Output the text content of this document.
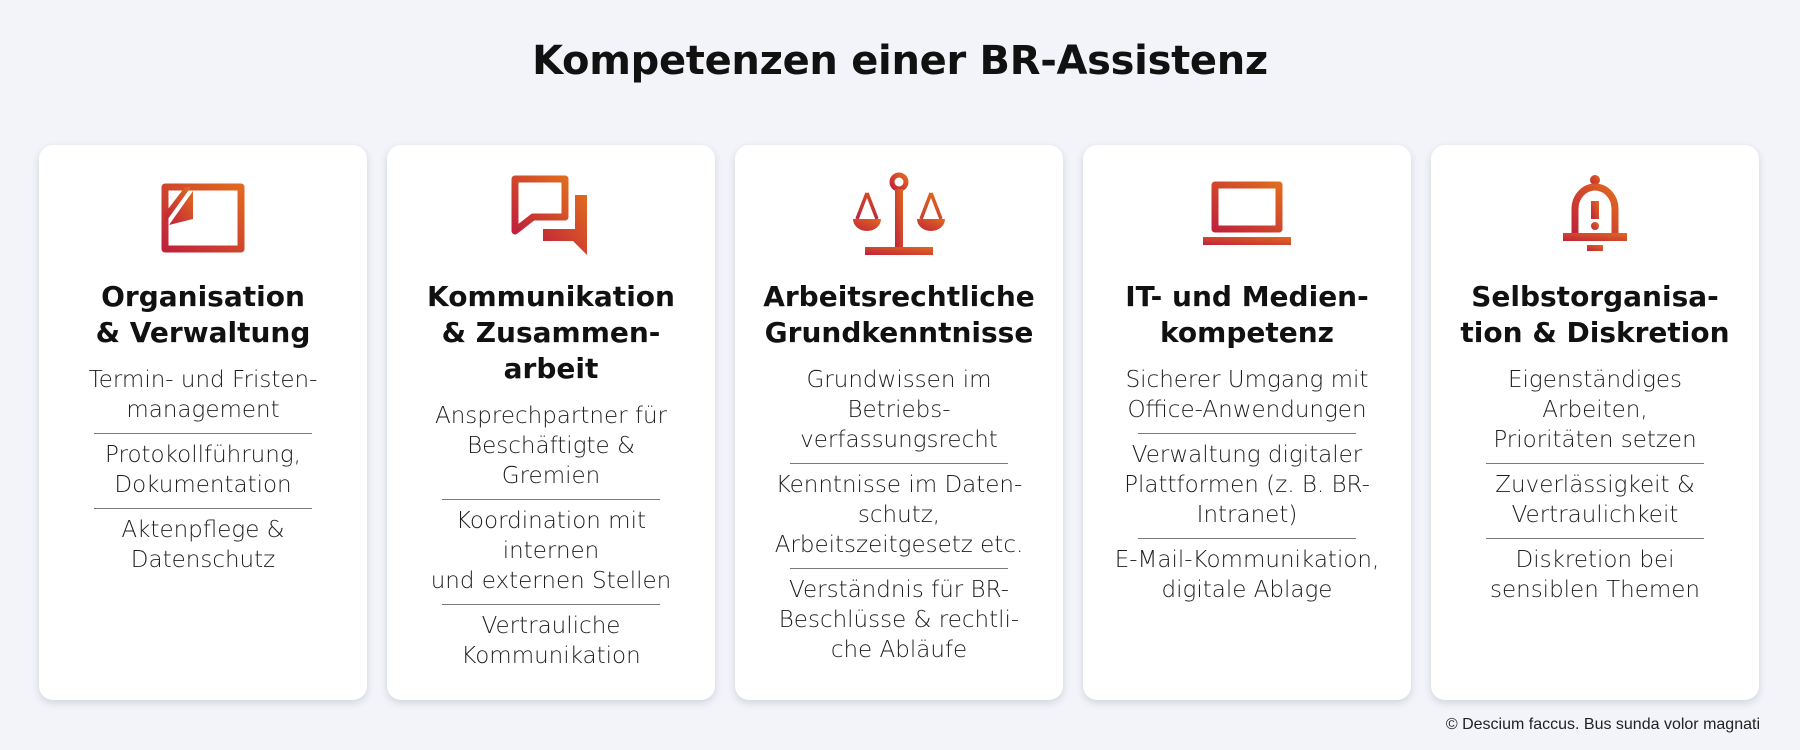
Kompetenzen einer BR-Assistenz
Organisation
& Verwaltung
Termin- und Fristen-
management
Protokollführung,
Dokumentation
Aktenpflege &
Datenschutz
Kommunikation
& Zusammen-
arbeit
Ansprechpartner für
Beschäftigte &
Gremien
Koordination mit
internen
und externen Stellen
Vertrauliche
Kommunikation
Arbeitsrechtliche
Grundkenntnisse
Grundwissen im
Betriebs-
verfassungsrecht
Kenntnisse im Daten-
schutz,
Arbeitszeitgesetz etc.
Verständnis für BR-
Beschlüsse & rechtli-
che Abläufe
IT- und Medien-
kompetenz
Sicherer Umgang mit
Office-Anwendungen
Verwaltung digitaler
Plattformen (z. B. BR-
Intranet)
E-Mail-Kommunikation,
digitale Ablage
Selbstorganisa-
tion & Diskretion
Eigenständiges
Arbeiten,
Prioritäten setzen
Zuverlässigkeit &
Vertraulichkeit
Diskretion bei
sensiblen Themen
© Descium faccus. Bus sunda volor magnati
